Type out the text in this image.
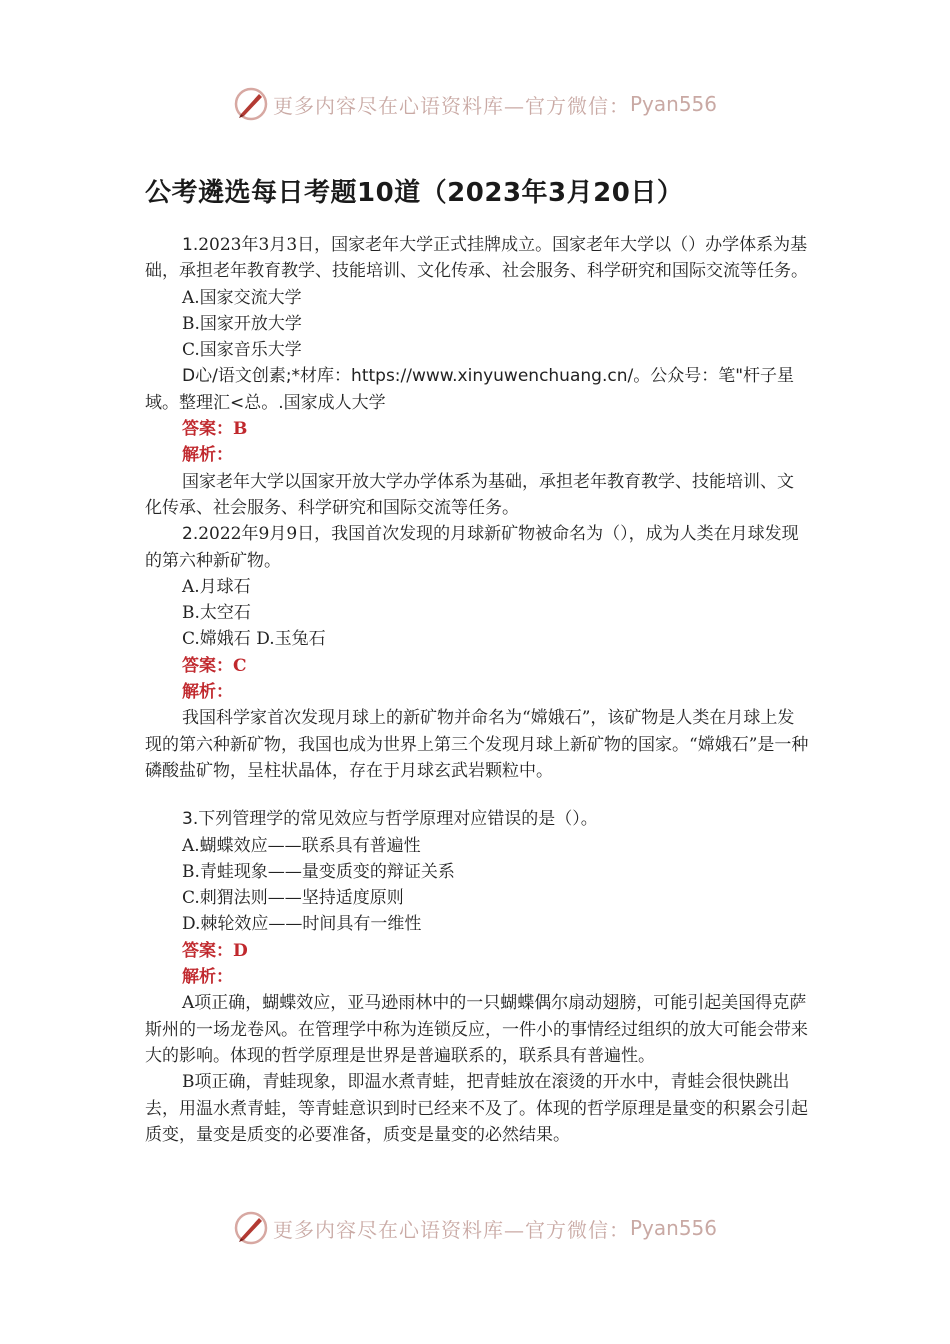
更多内容尽在心语资料库—官方微信： Pyan556
公考遴选每日考题10道（2023年3月20日）

1.2023年3月3日，国家老年大学正式挂牌成立。国家老年大学以（）办学体系为基础，承担老年教育教学、技能培训、文化传承、社会服务、科学研究和国际交流等任务。

A.国家交流大学

B.国家开放大学

C.国家音乐大学

D心/语文创素;*材库：https://www.xinyuwenchuang.cn/。公众号：笔"杆子星域。整理汇<总。.国家成人大学

答案：B

解析：

国家老年大学以国家开放大学办学体系为基础，承担老年教育教学、技能培训、文化传承、社会服务、科学研究和国际交流等任务。

2.2022年9月9日，我国首次发现的月球新矿物被命名为（），成为人类在月球发现的第六种新矿物。

A.月球石

B.太空石

C.嫦娥石 D.玉兔石

答案：C

解析：

我国科学家首次发现月球上的新矿物并命名为“嫦娥石”，该矿物是人类在月球上发现的第六种新矿物，我国也成为世界上第三个发现月球上新矿物的国家。“嫦娥石”是一种磷酸盐矿物，呈柱状晶体，存在于月球玄武岩颗粒中。

3.下列管理学的常见效应与哲学原理对应错误的是（）。

A.蝴蝶效应——联系具有普遍性

B.青蛙现象——量变质变的辩证关系

C.刺猬法则——坚持适度原则

D.棘轮效应——时间具有一维性

答案：D

解析：

A项正确，蝴蝶效应，亚马逊雨林中的一只蝴蝶偶尔扇动翅膀，可能引起美国得克萨斯州的一场龙卷风。在管理学中称为连锁反应，一件小的事情经过组织的放大可能会带来大的影响。体现的哲学原理是世界是普遍联系的，联系具有普遍性。

B项正确，青蛙现象，即温水煮青蛙，把青蛙放在滚烫的开水中，青蛙会很快跳出去，用温水煮青蛙，等青蛙意识到时已经来不及了。体现的哲学原理是量变的积累会引起质变，量变是质变的必要准备，质变是量变的必然结果。

更多内容尽在心语资料库—官方微信： Pyan556
